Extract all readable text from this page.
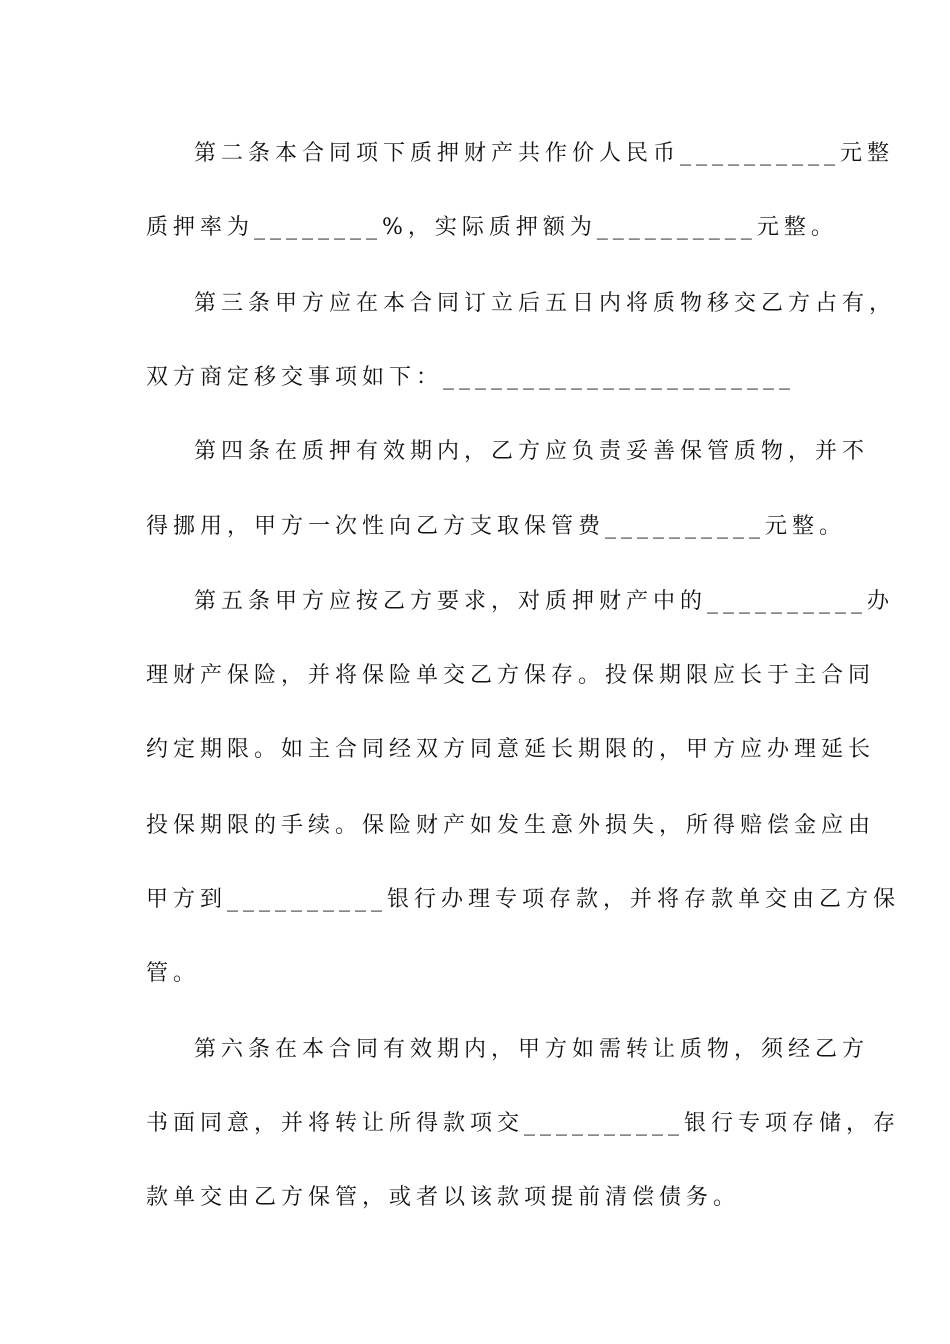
第二条本合同项下质押财产共作价人民币__________元整
质押率为________%，实际质押额为__________元整。
第三条甲方应在本合同订立后五日内将质物移交乙方占有，
双方商定移交事项如下：______________________
第四条在质押有效期内，乙方应负责妥善保管质物，并不
得挪用，甲方一次性向乙方支取保管费__________元整。
第五条甲方应按乙方要求，对质押财产中的__________办
理财产保险，并将保险单交乙方保存。投保期限应长于主合同
约定期限。如主合同经双方同意延长期限的，甲方应办理延长
投保期限的手续。保险财产如发生意外损失，所得赔偿金应由
甲方到__________银行办理专项存款，并将存款单交由乙方保
管。
第六条在本合同有效期内，甲方如需转让质物，须经乙方
书面同意，并将转让所得款项交__________银行专项存储，存
款单交由乙方保管，或者以该款项提前清偿债务。
